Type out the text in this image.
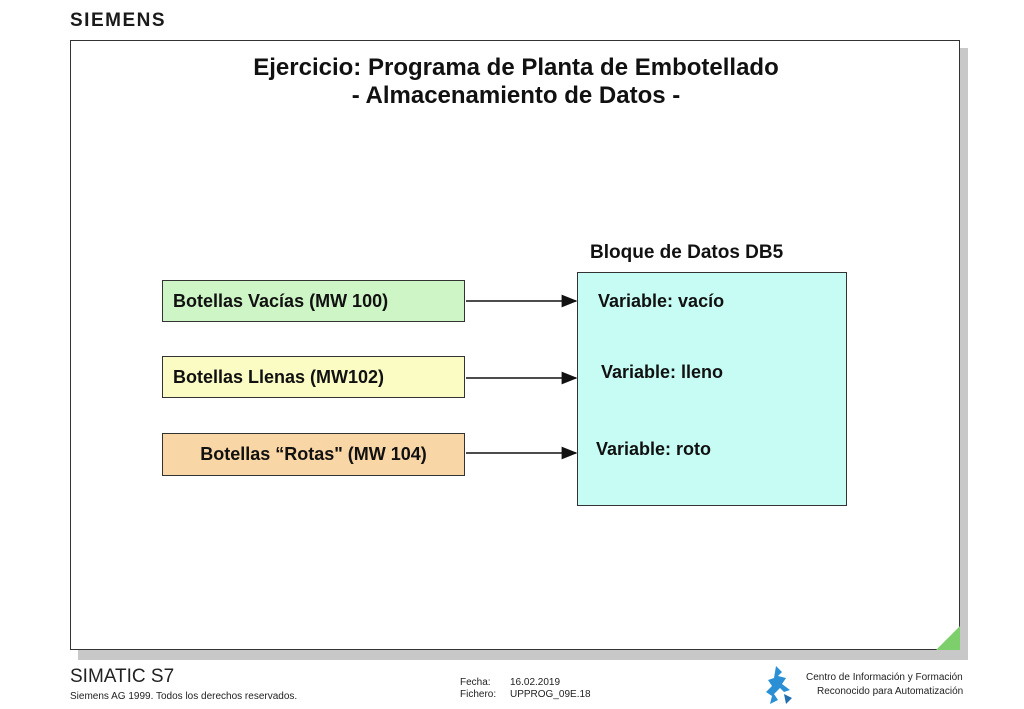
SIEMENS
Ejercicio: Programa de Planta de Embotellado
- Almacenamiento de Datos -
Botellas Vacías (MW 100)
Botellas Llenas (MW102)
Botellas “Rotas" (MW 104)
Bloque de Datos DB5
Variable: vacío
Variable: lleno
Variable: roto
SIMATIC S7
Siemens AG 1999. Todos los derechos reservados.
Fecha: 16.02.2019
Fichero: UPPROG_09E.18
Centro de Información y Formación
Reconocido para Automatización
